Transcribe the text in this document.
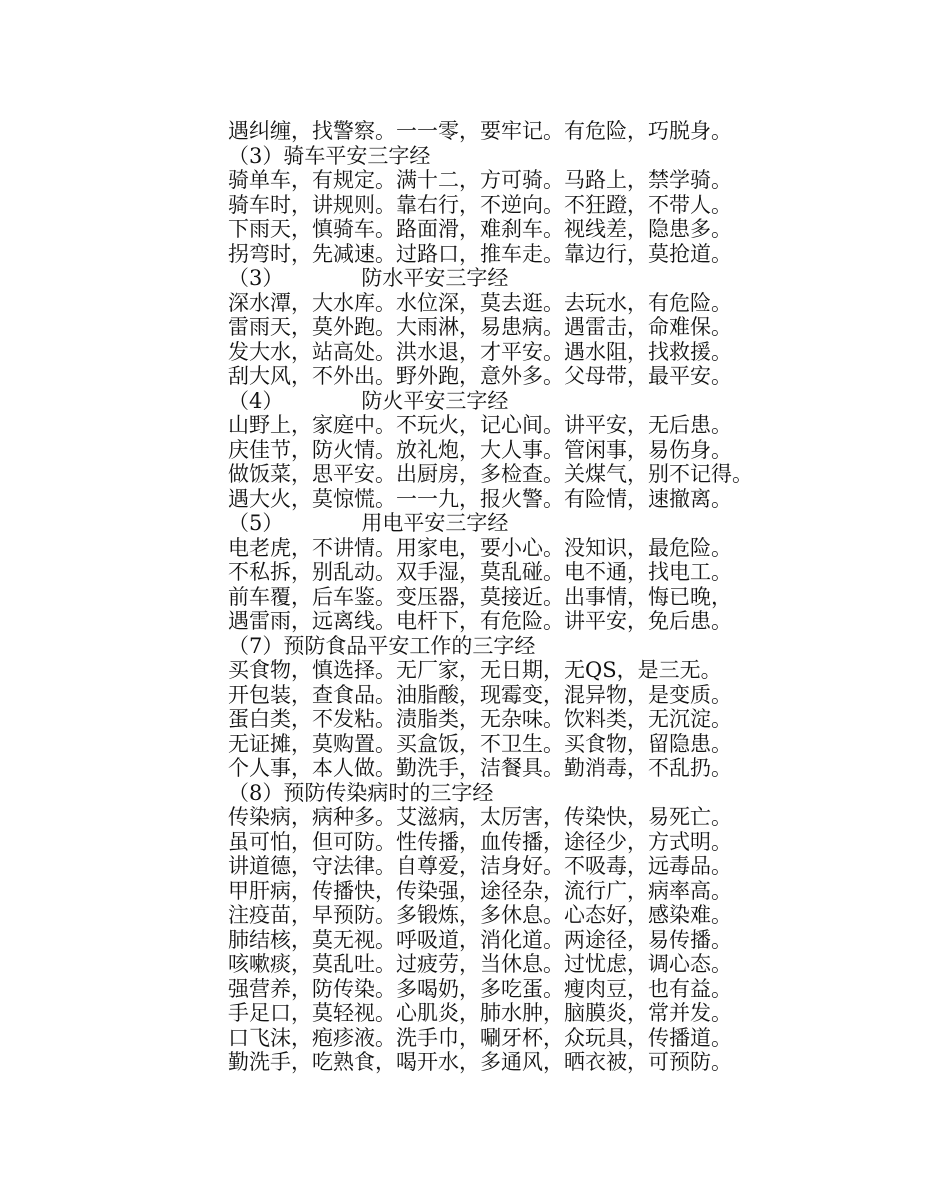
遇纠缠，找警察。一一零，要牢记。有危险，巧脱身。
（3）骑车平安三字经
骑单车，有规定。满十二，方可骑。马路上，禁学骑。
骑车时，讲规则。靠右行，不逆向。不狂蹬，不带人。
下雨天，慎骑车。路面滑，难刹车。视线差，隐患多。
拐弯时，先减速。过路口，推车走。靠边行，莫抢道。
（3）	防水平安三字经
深水潭，大水库。水位深，莫去逛。去玩水，有危险。
雷雨天，莫外跑。大雨淋，易患病。遇雷击，命难保。
发大水，站高处。洪水退，才平安。遇水阻，找救援。
刮大风，不外出。野外跑，意外多。父母带，最平安。
（4）	防火平安三字经
山野上，家庭中。不玩火，记心间。讲平安，无后患。
庆佳节，防火情。放礼炮，大人事。管闲事，易伤身。
做饭菜，思平安。出厨房，多检查。关煤气，别不记得。
遇大火，莫惊慌。一一九，报火警。有险情，速撤离。
（5）	用电平安三字经
电老虎，不讲情。用家电，要小心。没知识，最危险。
不私拆，别乱动。双手湿，莫乱碰。电不通，找电工。
前车覆，后车鉴。变压器，莫接近。出事情，悔已晚，
遇雷雨，远离线。电杆下，有危险。讲平安，免后患。
（7）预防食品平安工作的三字经
买食物，慎选择。无厂家，无日期，无QS，是三无。
开包装，查食品。油脂酸，现霉变，混异物，是变质。
蛋白类，不发粘。渍脂类，无杂味。饮料类，无沉淀。
无证摊，莫购置。买盒饭，不卫生。买食物，留隐患。
个人事，本人做。勤洗手，洁餐具。勤消毒，不乱扔。
（8）预防传染病时的三字经
传染病，病种多。艾滋病，太厉害，传染快，易死亡。
虽可怕，但可防。性传播，血传播，途径少，方式明。
讲道德，守法律。自尊爱，洁身好。不吸毒，远毒品。
甲肝病，传播快，传染强，途径杂，流行广，病率高。
注疫苗，早预防。多锻炼，多休息。心态好，感染难。
肺结核，莫无视。呼吸道，消化道。两途径，易传播。
咳嗽痰，莫乱吐。过疲劳，当休息。过忧虑，调心态。
强营养，防传染。多喝奶，多吃蛋。瘦肉豆，也有益。
手足口，莫轻视。心肌炎，肺水肿，脑膜炎，常并发。
口飞沫，疱疹液。洗手巾，唰牙杯，众玩具，传播道。
勤洗手，吃熟食，喝开水，多通风，晒衣被，可预防。
